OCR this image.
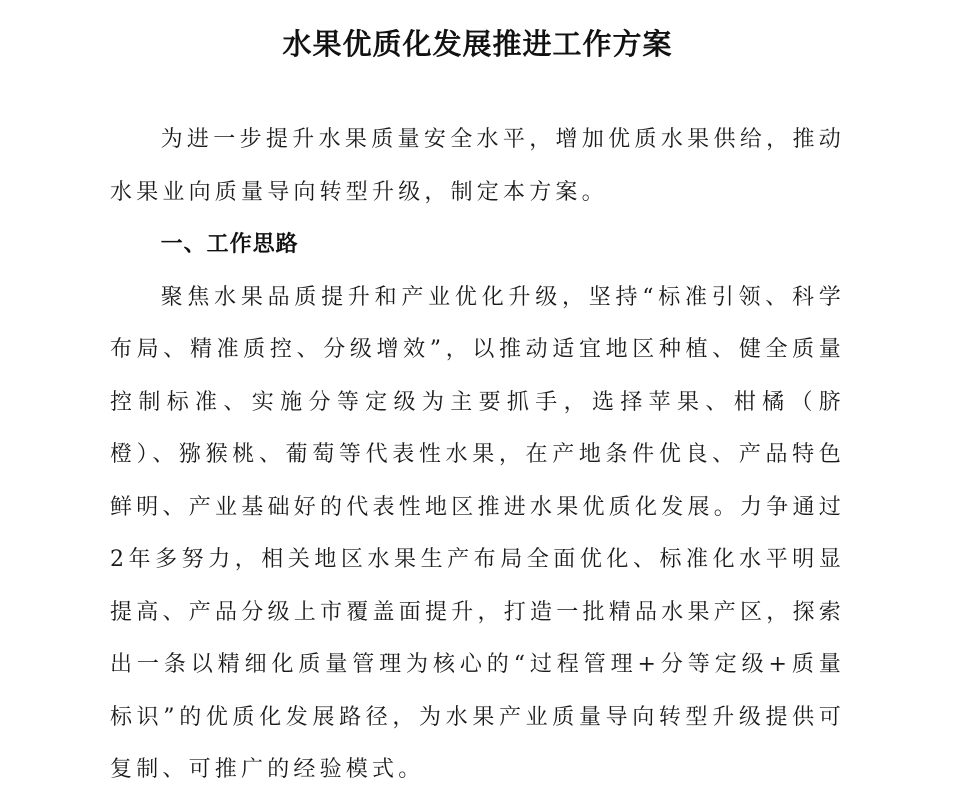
水果优质化发展推进工作方案

为进一步提升水果质量安全水平，增加优质水果供给，推动水果业向质量导向转型升级，制定本方案。

一、工作思路

聚焦水果品质提升和产业优化升级，坚持“标准引领、科学布局、精准质控、分级增效”，以推动适宜地区种植、健全质量控制标准、实施分等定级为主要抓手，选择苹果、柑橘（脐橙）、猕猴桃、葡萄等代表性水果，在产地条件优良、产品特色鲜明、产业基础好的代表性地区推进水果优质化发展。力争通过2年多努力，相关地区水果生产布局全面优化、标准化水平明显提高、产品分级上市覆盖面提升，打造一批精品水果产区，探索出一条以精细化质量管理为核心的“过程管理+分等定级+质量标识”的优质化发展路径，为水果产业质量导向转型升级提供可复制、可推广的经验模式。
